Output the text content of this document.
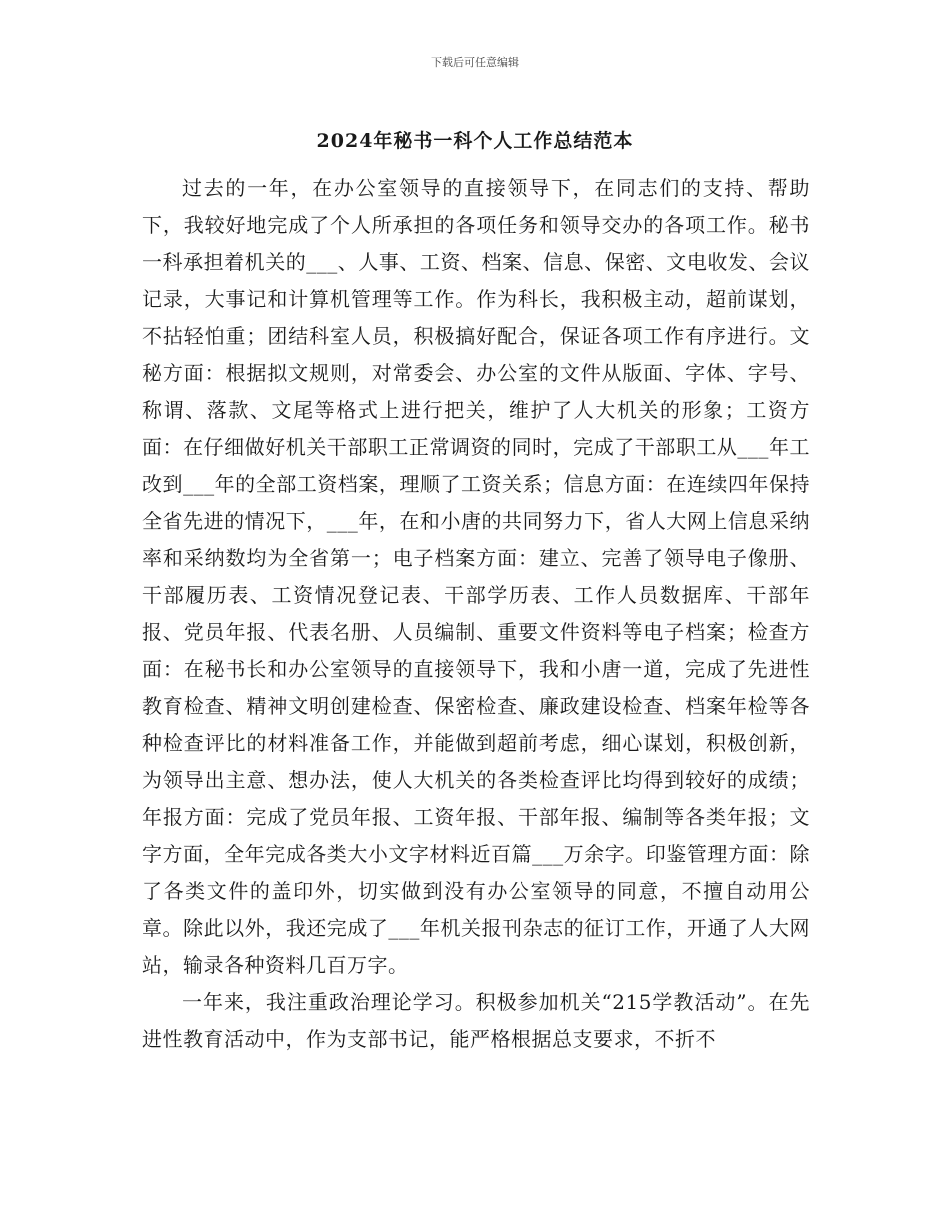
下载后可任意编辑
2024年秘书一科个人工作总结范本

过去的一年，在办公室领导的直接领导下，在同志们的支持、帮助下，我较好地完成了个人所承担的各项任务和领导交办的各项工作。秘书一科承担着机关的___、人事、工资、档案、信息、保密、文电收发、会议记录，大事记和计算机管理等工作。作为科长，我积极主动，超前谋划，不拈轻怕重；团结科室人员，积极搞好配合，保证各项工作有序进行。文秘方面：根据拟文规则，对常委会、办公室的文件从版面、字体、字号、称谓、落款、文尾等格式上进行把关，维护了人大机关的形象；工资方面：在仔细做好机关干部职工正常调资的同时，完成了干部职工从___年工改到___年的全部工资档案，理顺了工资关系；信息方面：在连续四年保持全省先进的情况下，___年，在和小唐的共同努力下，省人大网上信息采纳率和采纳数均为全省第一；电子档案方面：建立、完善了领导电子像册、干部履历表、工资情况登记表、干部学历表、工作人员数据库、干部年报、党员年报、代表名册、人员编制、重要文件资料等电子档案；检查方面：在秘书长和办公室领导的直接领导下，我和小唐一道，完成了先进性教育检查、精神文明创建检查、保密检查、廉政建设检查、档案年检等各种检查评比的材料准备工作，并能做到超前考虑，细心谋划，积极创新，为领导出主意、想办法，使人大机关的各类检查评比均得到较好的成绩；年报方面：完成了党员年报、工资年报、干部年报、编制等各类年报；文字方面，全年完成各类大小文字材料近百篇___万余字。印鉴管理方面：除了各类文件的盖印外，切实做到没有办公室领导的同意，不擅自动用公章。除此以外，我还完成了___年机关报刊杂志的征订工作，开通了人大网站，输录各种资料几百万字。

一年来，我注重政治理论学习。积极参加机关“215学教活动”。在先进性教育活动中，作为支部书记，能严格根据总支要求，不折不
